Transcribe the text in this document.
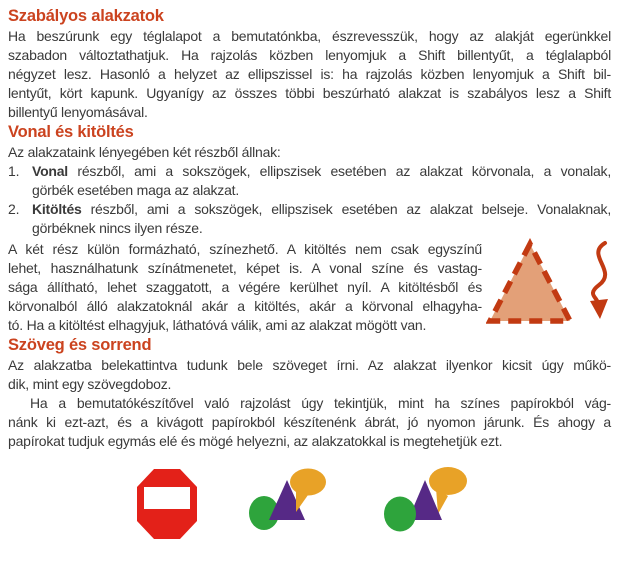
Szabályos alakzatok
Ha beszúrunk egy téglalapot a bemutatónkba, észrevesszük, hogy az alakját egerünkkel
szabadon változtathatjuk. Ha rajzolás közben lenyomjuk a Shift billentyűt, a téglalapból
négyzet lesz. Hasonló a helyzet az ellipszissel is: ha rajzolás közben lenyomjuk a Shift bil-
lentyűt, kört kapunk. Ugyanígy az összes többi beszúrható alakzat is szabályos lesz a Shift
billentyű lenyomásával.
Vonal és kitöltés
Az alakzataink lényegében két részből állnak:
1. Vonal részből, ami a sokszögek, ellipszisek esetében az alakzat körvonala, a vonalak,
görbék esetében maga az alakzat.
2. Kitöltés részből, ami a sokszögek, ellipszisek esetében az alakzat belseje. Vonalaknak,
görbéknek nincs ilyen része.
A két rész külön formázható, színezhető. A kitöltés nem csak egyszínű
lehet, használhatunk színátmenetet, képet is. A vonal színe és vastag-
sága állítható, lehet szaggatott, a végére kerülhet nyíl. A kitöltésből és
körvonalból álló alakzatoknál akár a kitöltés, akár a körvonal elhagyha-
tó. Ha a kitöltést elhagyjuk, láthatóvá válik, ami az alakzat mögött van.
Szöveg és sorrend
Az alakzatba belekattintva tudunk bele szöveget írni. Az alakzat ilyenkor kicsit úgy műkö-
dik, mint egy szövegdoboz.
Ha a bemutatókészítővel való rajzolást úgy tekintjük, mint ha színes papírokból vág-
nánk ki ezt-azt, és a kivágott papírokból készítenénk ábrát, jó nyomon járunk. És ahogy a
papírokat tudjuk egymás elé és mögé helyezni, az alakzatokkal is megtehetjük ezt.
